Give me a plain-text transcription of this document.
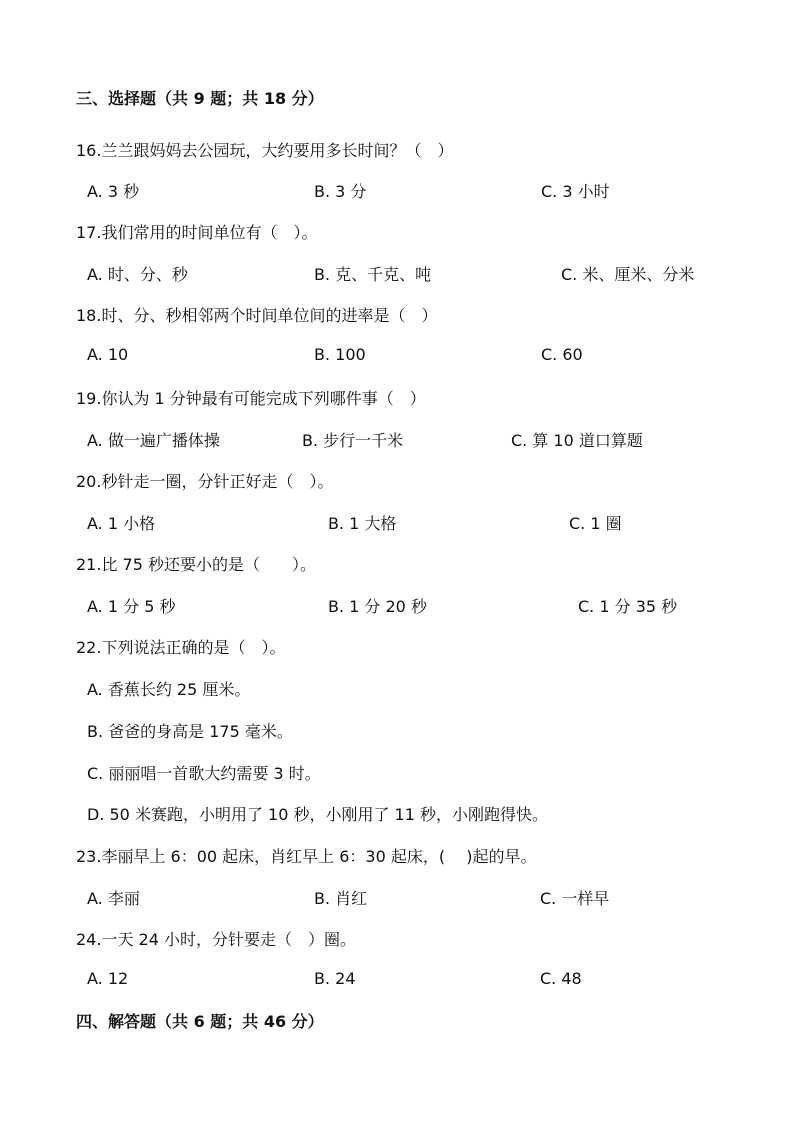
三、选择题（共 9 题；共 18 分）
16.兰兰跟妈妈去公园玩，大约要用多长时间？（　）
A. 3 秒	B. 3 分	C. 3 小时
17.我们常用的时间单位有（　）。
A. 时、分、秒	B. 克、千克、吨	C. 米、厘米、分米
18.时、分、秒相邻两个时间单位间的进率是（　）
A. 10	B. 100	C. 60
19.你认为 1 分钟最有可能完成下列哪件事（　）
A. 做一遍广播体操	B. 步行一千米	C. 算 10 道口算题
20.秒针走一圈，分针正好走（　）。
A. 1 小格	B. 1 大格	C. 1 圈
21.比 75 秒还要小的是（　　）。
A. 1 分 5 秒	B. 1 分 20 秒	C. 1 分 35 秒
22.下列说法正确的是（　）。
A. 香蕉长约 25 厘米。
B. 爸爸的身高是 175 毫米。
C. 丽丽唱一首歌大约需要 3 时。
D. 50 米赛跑，小明用了 10 秒，小刚用了 11 秒，小刚跑得快。
23.李丽早上 6：00 起床，肖红早上 6：30 起床，(　 )起的早。
A. 李丽	B. 肖红	C. 一样早
24.一天 24 小时，分针要走（　）圈。
A. 12	B. 24	C. 48
四、解答题（共 6 题；共 46 分）
